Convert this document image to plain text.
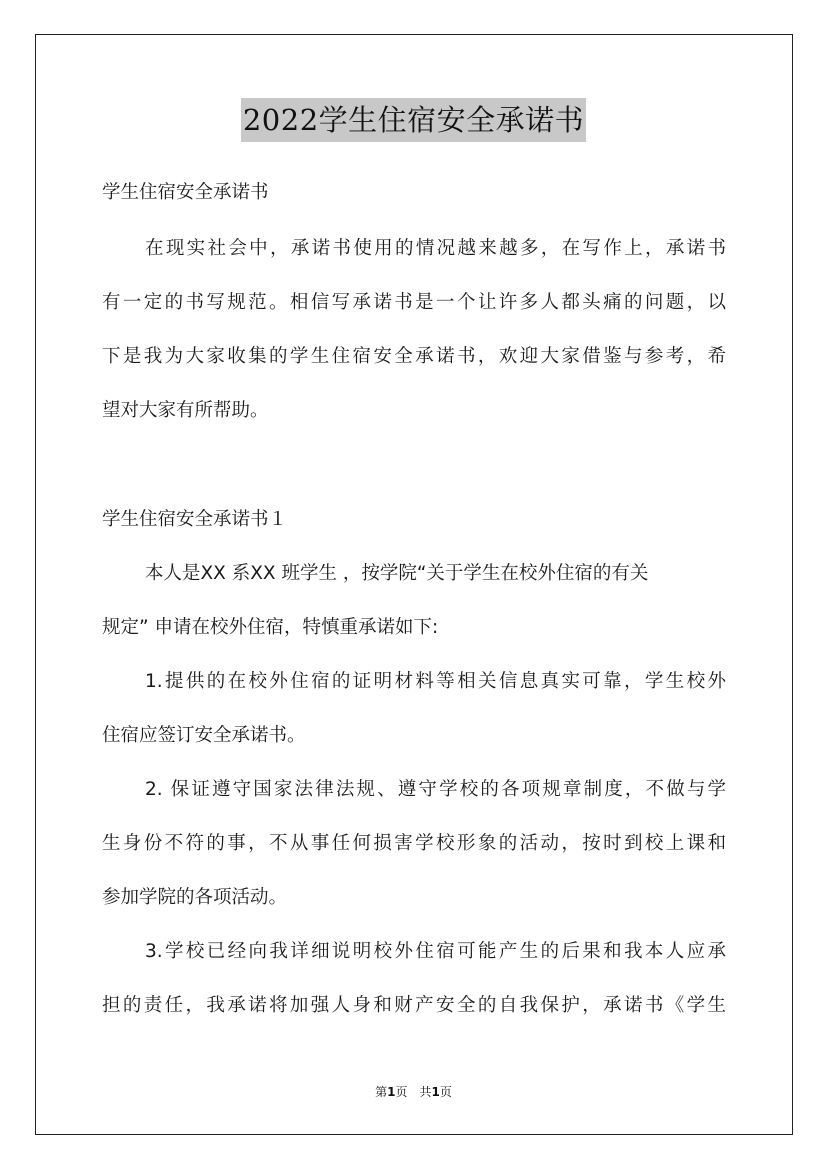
2022学生住宿安全承诺书
学生住宿安全承诺书
在现实社会中，承诺书使用的情况越来越多，在写作上，承诺书
有一定的书写规范。相信写承诺书是一个让许多人都头痛的问题，以
下是我为大家收集的学生住宿安全承诺书，欢迎大家借鉴与参考，希
望对大家有所帮助。
学生住宿安全承诺书１
本人是XX 系XX 班学生 ，按学院“关于学生在校外住宿的有关
规定” 申请在校外住宿，特慎重承诺如下:
1.提供的在校外住宿的证明材料等相关信息真实可靠，学生校外
住宿应签订安全承诺书。
2. 保证遵守国家法律法规、遵守学校的各项规章制度，不做与学
生身份不符的事，不从事任何损害学校形象的活动，按时到校上课和
参加学院的各项活动。
3.学校已经向我详细说明校外住宿可能产生的后果和我本人应承
担的责任，我承诺将加强人身和财产安全的自我保护，承诺书《学生
第1页　共1页
